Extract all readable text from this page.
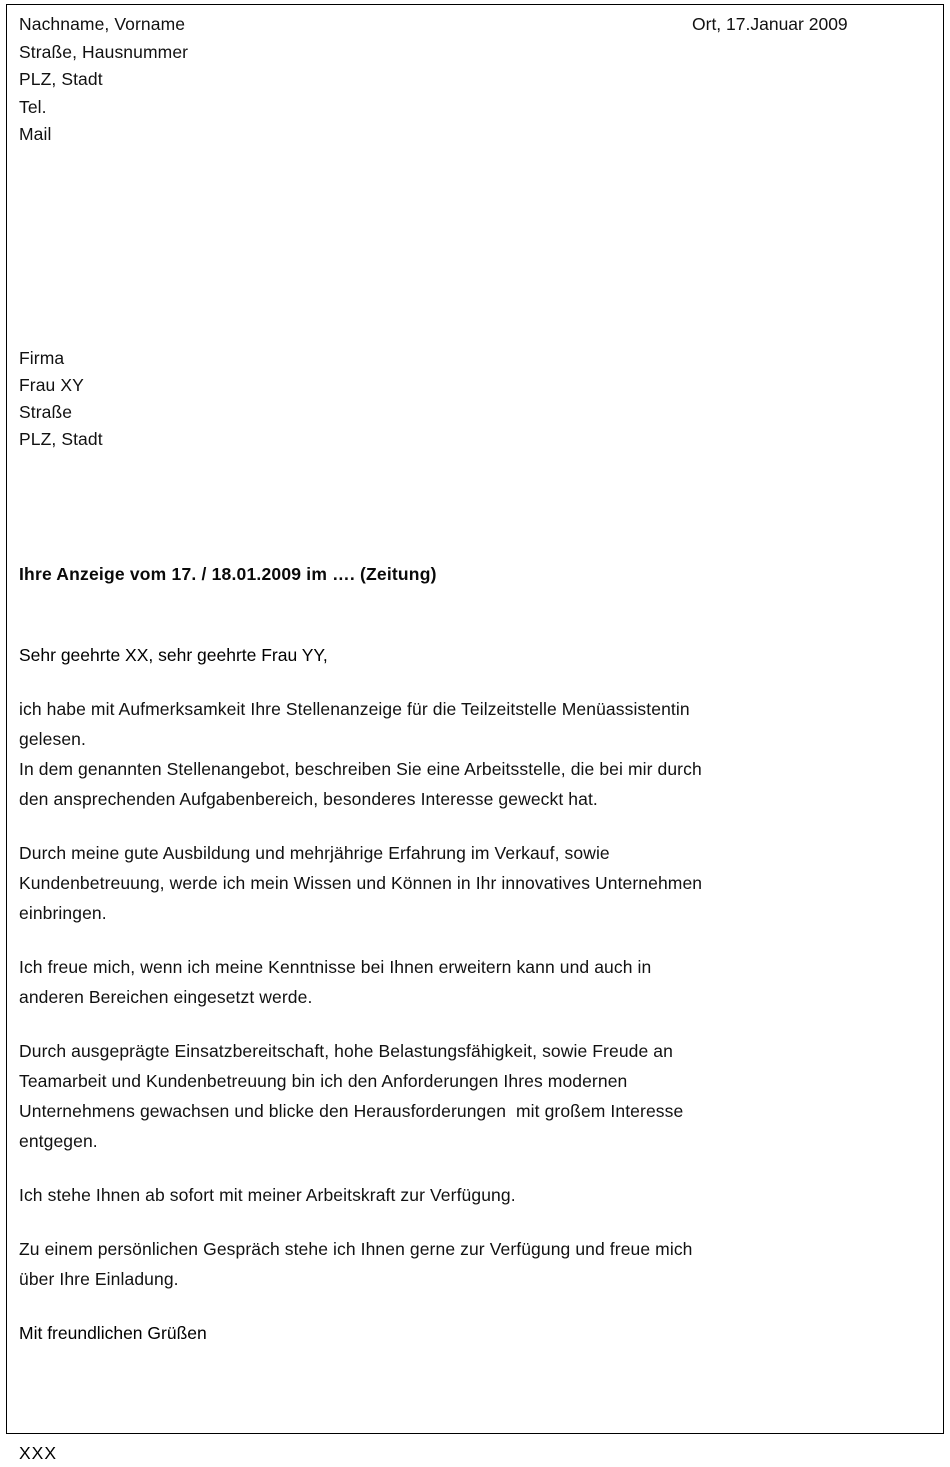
Nachname, Vorname	Ort, 17.Januar 2009
Straße, Hausnummer
PLZ, Stadt
Tel.
Mail
Firma
Frau XY
Straße
PLZ, Stadt
Ihre Anzeige vom 17. / 18.01.2009 im …. (Zeitung)
Sehr geehrte XX, sehr geehrte Frau YY,
ich habe mit Aufmerksamkeit Ihre Stellenanzeige für die Teilzeitstelle Menüassistentin
gelesen.
In dem genannten Stellenangebot, beschreiben Sie eine Arbeitsstelle, die bei mir durch
den ansprechenden Aufgabenbereich, besonderes Interesse geweckt hat.
Durch meine gute Ausbildung und mehrjährige Erfahrung im Verkauf, sowie
Kundenbetreuung, werde ich mein Wissen und Können in Ihr innovatives Unternehmen
einbringen.
Ich freue mich, wenn ich meine Kenntnisse bei Ihnen erweitern kann und auch in
anderen Bereichen eingesetzt werde.
Durch ausgeprägte Einsatzbereitschaft, hohe Belastungsfähigkeit, sowie Freude an
Teamarbeit und Kundenbetreuung bin ich den Anforderungen Ihres modernen
Unternehmens gewachsen und blicke den Herausforderungen  mit großem Interesse
entgegen.
Ich stehe Ihnen ab sofort mit meiner Arbeitskraft zur Verfügung.
Zu einem persönlichen Gespräch stehe ich Ihnen gerne zur Verfügung und freue mich
über Ihre Einladung.
Mit freundlichen Grüßen
XXX
